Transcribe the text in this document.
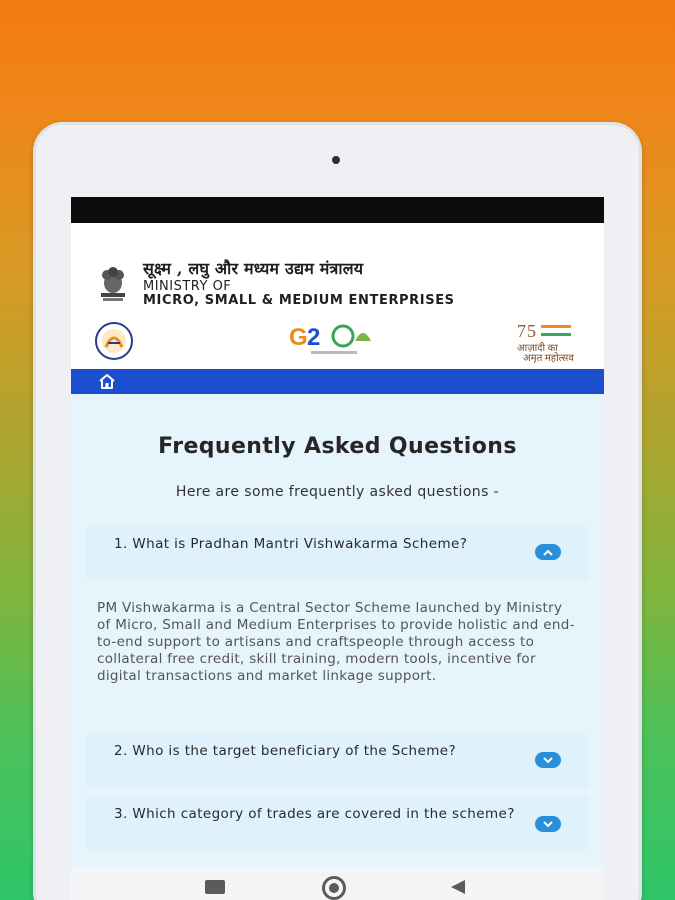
सूक्ष्म , लघु और मध्यम उद्यम मंत्रालय
MINISTRY OF
MICRO, SMALL & MEDIUM ENTERPRISES
G 2	7 5
आज़ादी का
अमृत महोत्सव
Frequently Asked Questions
Here are some frequently asked questions -
1. What is Pradhan Mantri Vishwakarma Scheme?
PM Vishwakarma is a Central Sector Scheme launched by Ministry of Micro, Small and Medium Enterprises to provide holistic and end-to-end support to artisans and craftspeople through access to collateral free credit, skill training, modern tools, incentive for digital transactions and market linkage support.
2. Who is the target beneficiary of the Scheme?
3. Which category of trades are covered in the scheme?
